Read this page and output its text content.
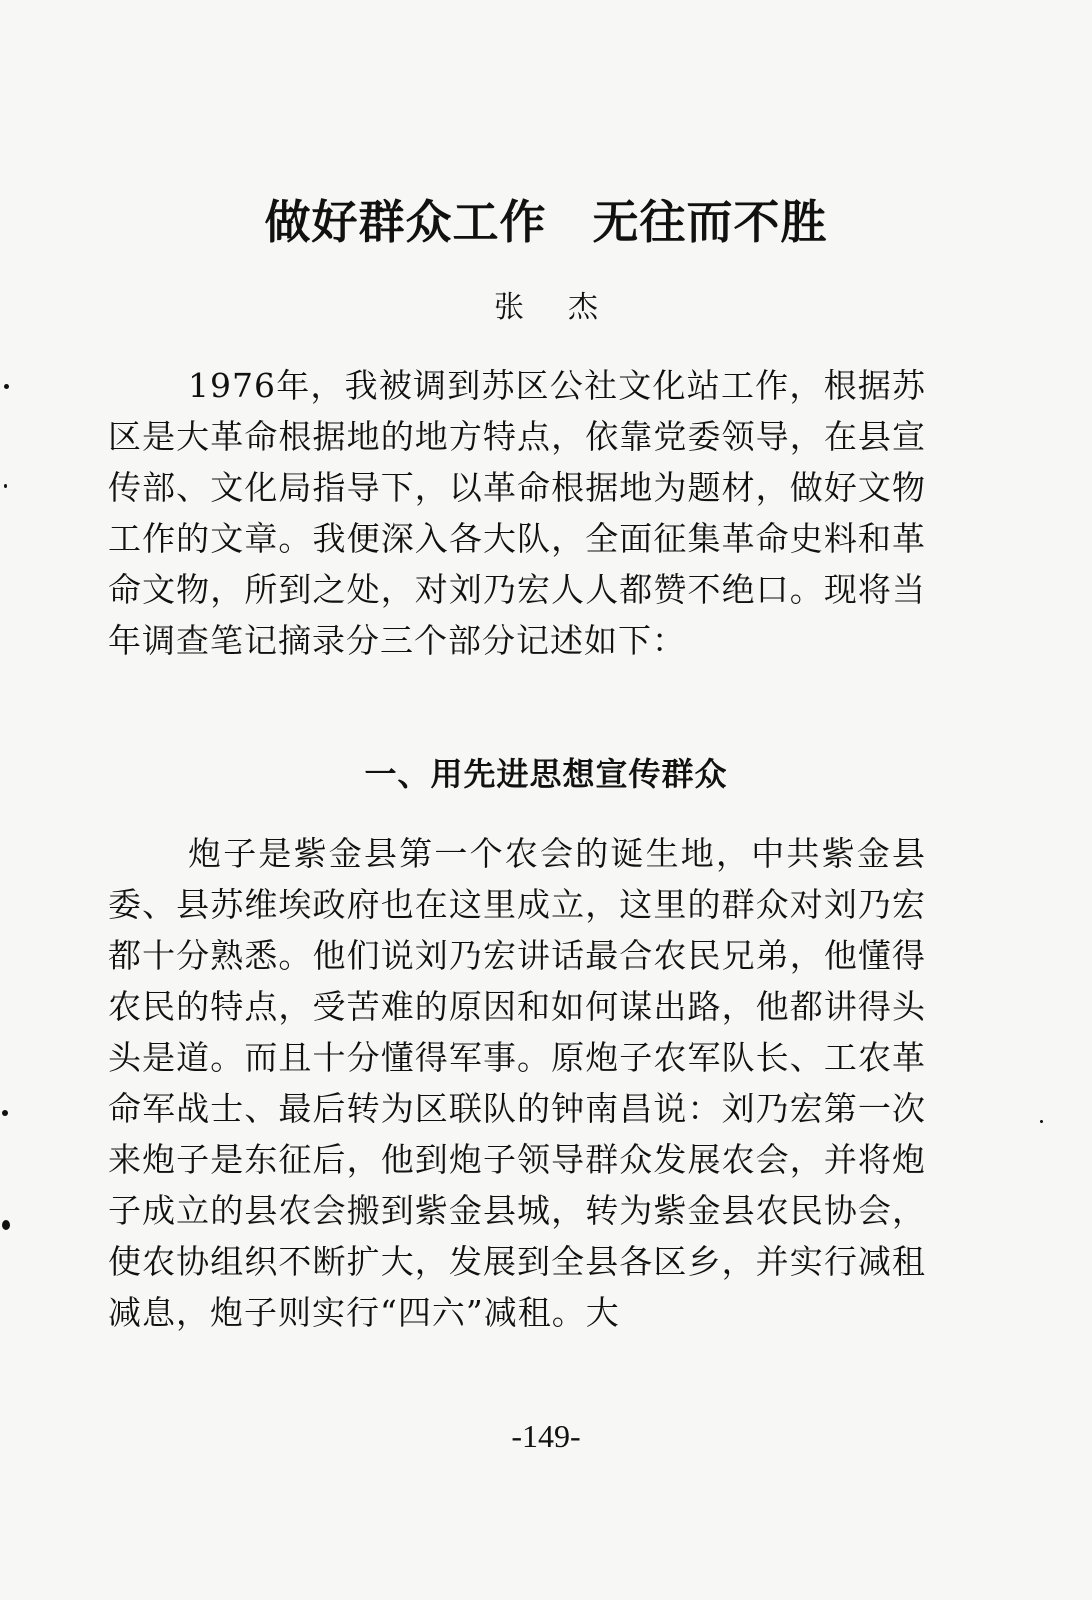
做好群众工作 无往而不胜
张杰

1976年，我被调到苏区公社文化站工作，根据苏区是大革命根据地的地方特点，依靠党委领导，在县宣传部、文化局指导下，以革命根据地为题材，做好文物工作的文章。我便深入各大队，全面征集革命史料和革命文物，所到之处，对刘乃宏人人都赞不绝口。现将当年调查笔记摘录分三个部分记述如下：

一、用先进思想宣传群众

炮子是紫金县第一个农会的诞生地，中共紫金县委、县苏维埃政府也在这里成立，这里的群众对刘乃宏都十分熟悉。他们说刘乃宏讲话最合农民兄弟，他懂得农民的特点，受苦难的原因和如何谋出路，他都讲得头头是道。而且十分懂得军事。原炮子农军队长、工农革命军战士、最后转为区联队的钟南昌说：刘乃宏第一次来炮子是东征后，他到炮子领导群众发展农会，并将炮子成立的县农会搬到紫金县城，转为紫金县农民协会，使农协组织不断扩大，发展到全县各区乡，并实行减租减息，炮子则实行“四六”减租。大

-149-
